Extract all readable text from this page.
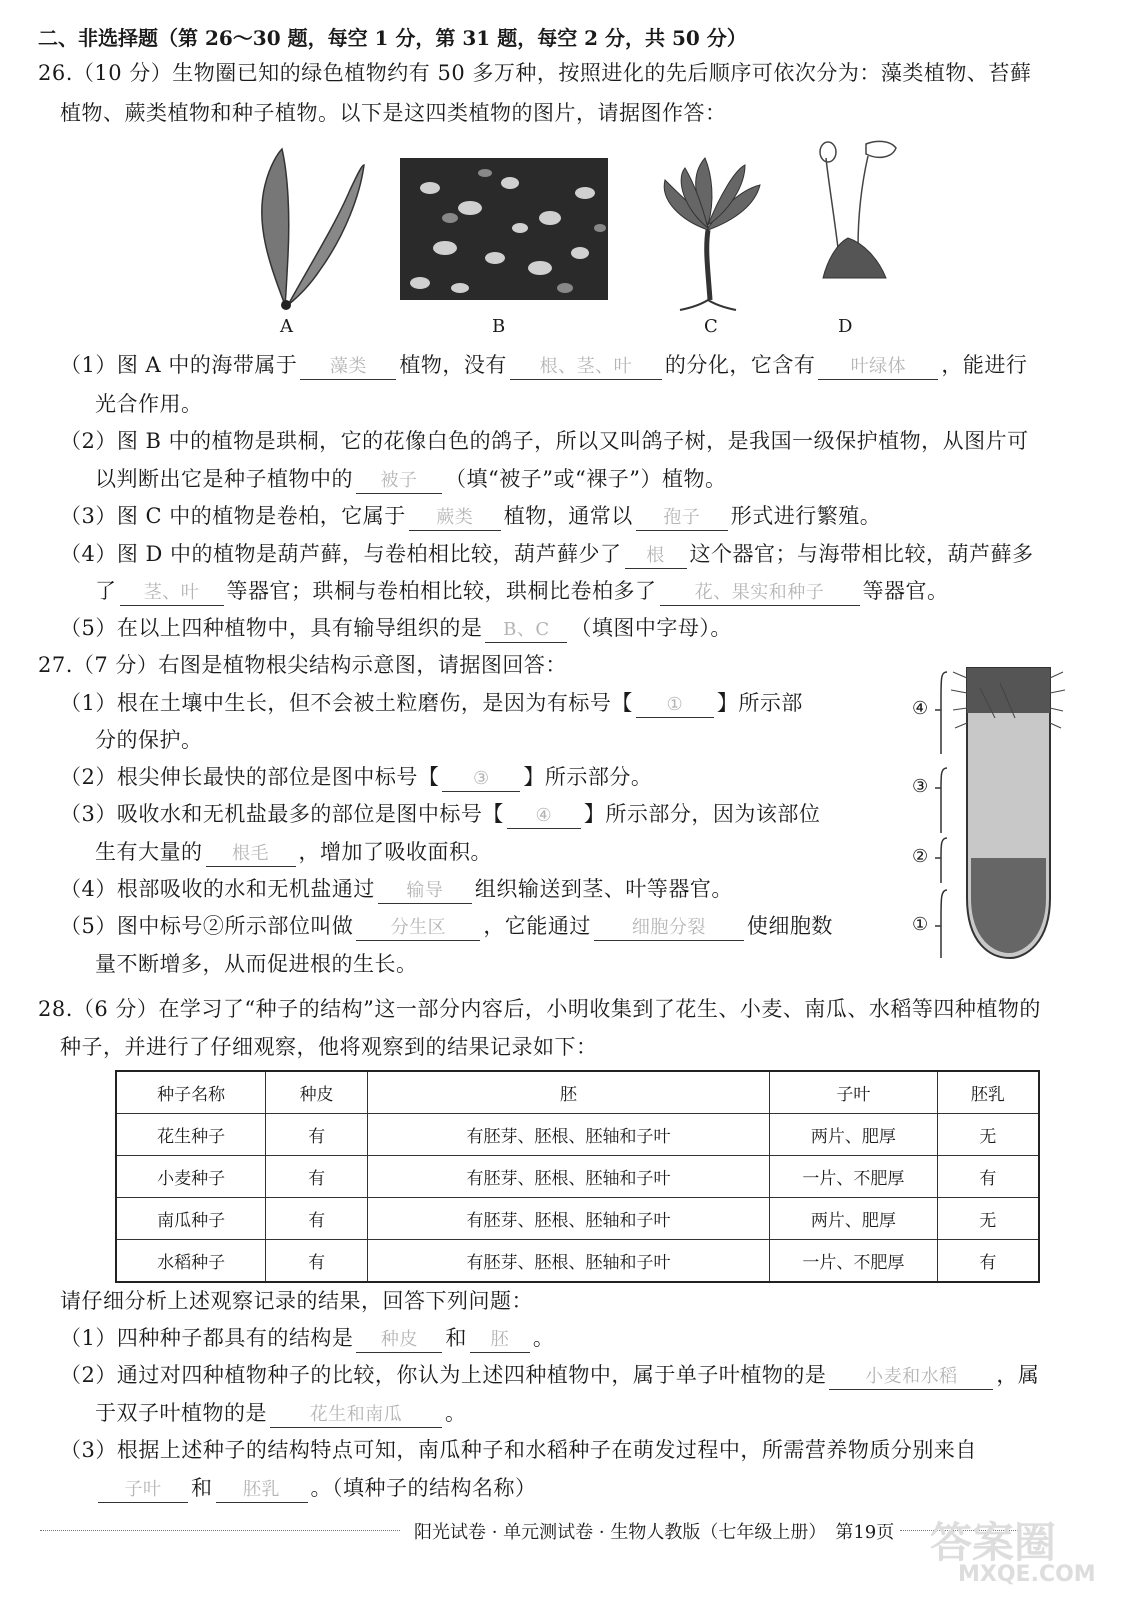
二、非选择题（第 26～30 题，每空 1 分，第 31 题，每空 2 分，共 50 分）
26.（10 分）生物圈已知的绿色植物约有 50 多万种，按照进化的先后顺序可依次分为：藻类植物、苔藓
植物、蕨类植物和种子植物。以下是这四类植物的图片，请据图作答：
A	B	C	D
（1）图 A 中的海带属于 藻类 植物，没有 根、茎、叶 的分化，它含有 叶绿体 ，能进行
光合作用。
（2）图 B 中的植物是珙桐，它的花像白色的鸽子，所以又叫鸽子树，是我国一级保护植物，从图片可
以判断出它是种子植物中的 被子 （填“被子”或“裸子”）植物。
（3）图 C 中的植物是卷柏，它属于 蕨类 植物，通常以 孢子 形式进行繁殖。
（4）图 D 中的植物是葫芦藓，与卷柏相比较，葫芦藓少了 根 这个器官；与海带相比较，葫芦藓多
了 茎、叶 等器官；珙桐与卷柏相比较，珙桐比卷柏多了 花、果实和种子 等器官。
（5）在以上四种植物中，具有输导组织的是 B、C （填图中字母）。
27.（7 分）右图是植物根尖结构示意图，请据图回答：
（1）根在土壤中生长，但不会被土粒磨伤，是因为有标号【 ① 】所示部
分的保护。
（2）根尖伸长最快的部位是图中标号【 ③ 】所示部分。
（3）吸收水和无机盐最多的部位是图中标号【 ④ 】所示部分，因为该部位
生有大量的 根毛 ，增加了吸收面积。
（4）根部吸收的水和无机盐通过 输导 组织输送到茎、叶等器官。
（5）图中标号②所示部位叫做 分生区 ，它能通过 细胞分裂 使细胞数
量不断增多，从而促进根的生长。
④
③
②
①
28.（6 分）在学习了“种子的结构”这一部分内容后，小明收集到了花生、小麦、南瓜、水稻等四种植物的
种子，并进行了仔细观察，他将观察到的结果记录如下：
种子名称	种皮	胚	子叶	胚乳
花生种子	有	有胚芽、胚根、胚轴和子叶	两片、肥厚	无
小麦种子	有	有胚芽、胚根、胚轴和子叶	一片、不肥厚	有
南瓜种子	有	有胚芽、胚根、胚轴和子叶	两片、肥厚	无
水稻种子	有	有胚芽、胚根、胚轴和子叶	一片、不肥厚	有
请仔细分析上述观察记录的结果，回答下列问题：
（1）四种种子都具有的结构是 种皮 和 胚 。
（2）通过对四种植物种子的比较，你认为上述四种植物中，属于单子叶植物的是 小麦和水稻 ，属
于双子叶植物的是 花生和南瓜 。
（3）根据上述种子的结构特点可知，南瓜种子和水稻种子在萌发过程中，所需营养物质分别来自
子叶 和 胚乳 。（填种子的结构名称）
阳光试卷 · 单元测试卷 · 生物人教版（七年级上册）　第19页 答案圈
MXQE.COM
